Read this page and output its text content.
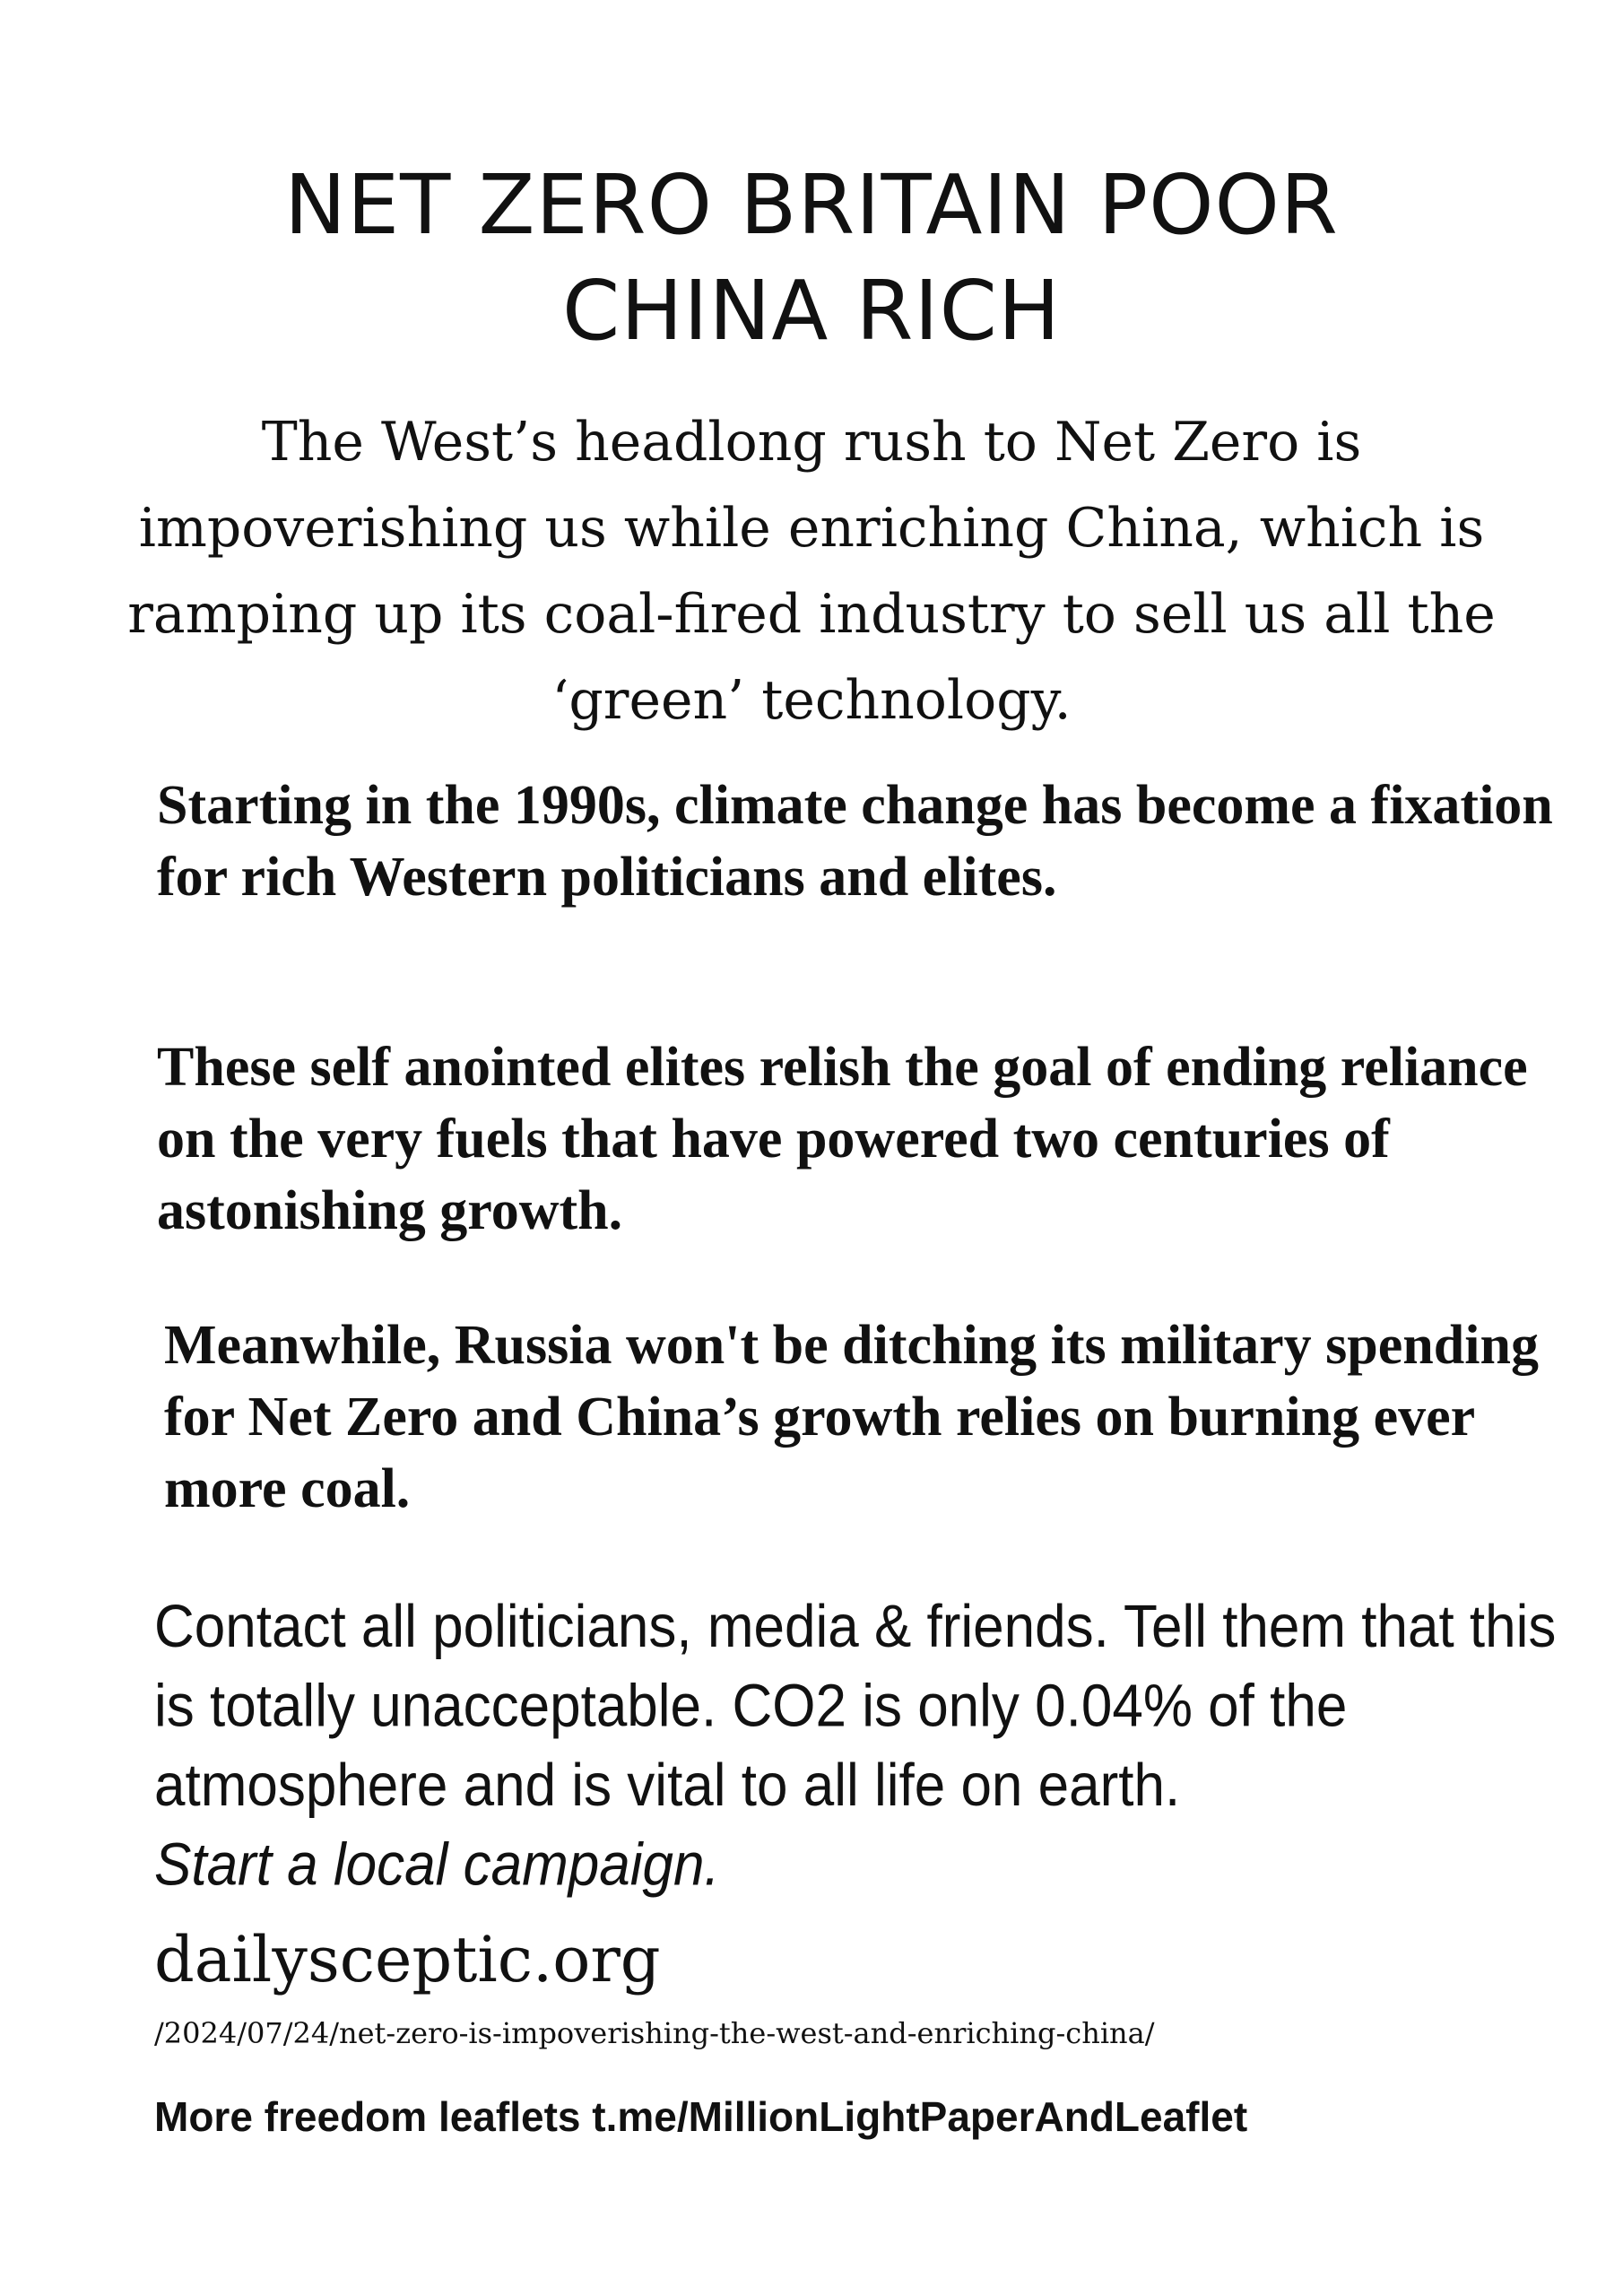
NET ZERO BRITAIN POOR
CHINA RICH

The West’s headlong rush to Net Zero is impoverishing us while enriching China, which is ramping up its coal-fired industry to sell us all the ‘green’ technology.

Starting in the 1990s, climate change has become a fixation for rich Western politicians and elites.

These self anointed elites relish the goal of ending reliance on the very fuels that have powered two centuries of astonishing growth.

Meanwhile, Russia won't be ditching its military spending for Net Zero and China’s growth relies on burning ever more coal.

Contact all politicians, media & friends. Tell them that this is totally unacceptable. CO2 is only 0.04% of the atmosphere and is vital to all life on earth.
Start a local campaign.

dailysceptic.org

/2024/07/24/net-zero-is-impoverishing-the-west-and-enriching-china/

More freedom leaflets t.me/MillionLightPaperAndLeaflet
